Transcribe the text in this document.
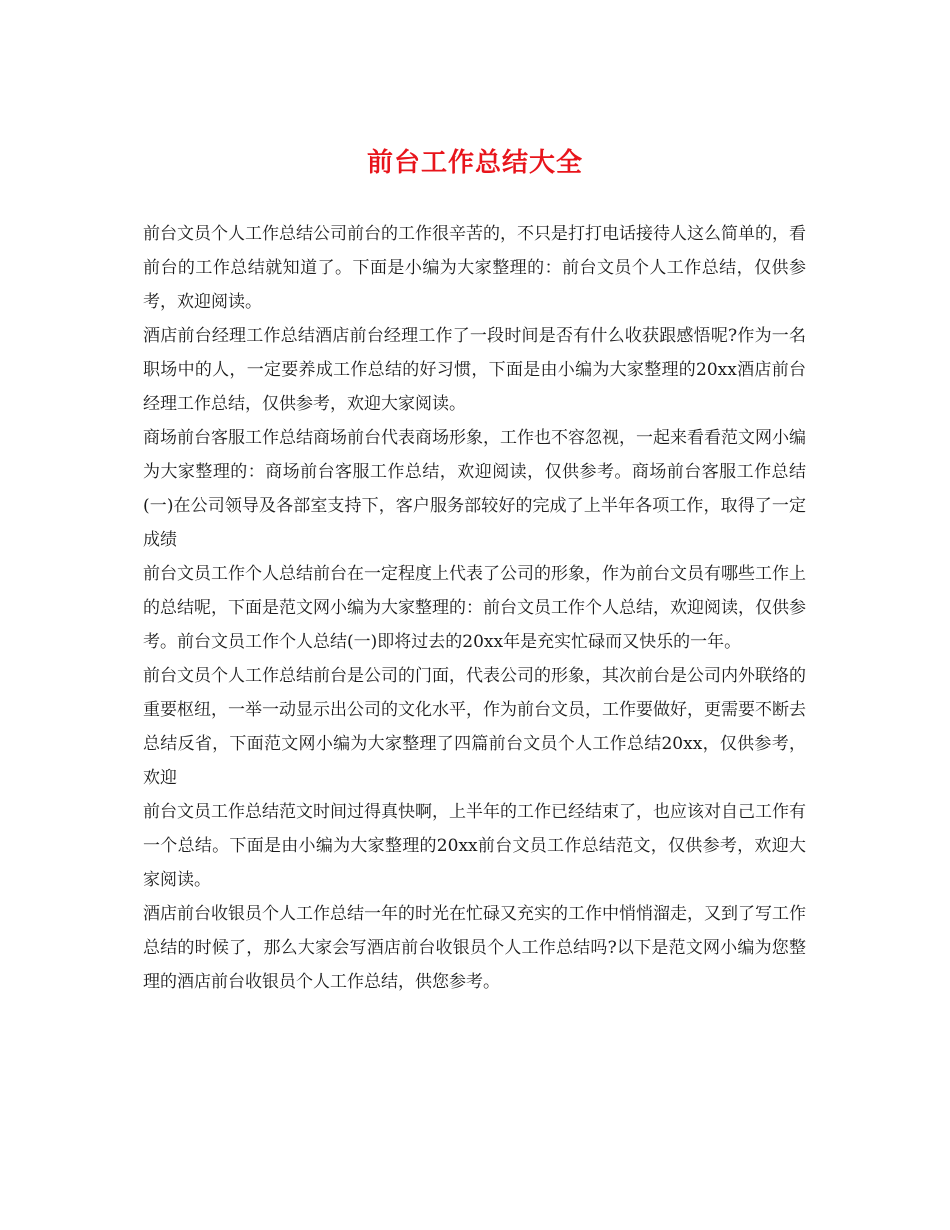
前台工作总结大全

前台文员个人工作总结公司前台的工作很辛苦的，不只是打打电话接待人这么简单的，看前台的工作总结就知道了。下面是小编为大家整理的：前台文员个人工作总结，仅供参考，欢迎阅读。

酒店前台经理工作总结酒店前台经理工作了一段时间是否有什么收获跟感悟呢?作为一名职场中的人，一定要养成工作总结的好习惯，下面是由小编为大家整理的20xx酒店前台经理工作总结，仅供参考，欢迎大家阅读。

商场前台客服工作总结商场前台代表商场形象，工作也不容忽视，一起来看看范文网小编为大家整理的：商场前台客服工作总结，欢迎阅读，仅供参考。商场前台客服工作总结(一)在公司领导及各部室支持下，客户服务部较好的完成了上半年各项工作，取得了一定成绩

前台文员工作个人总结前台在一定程度上代表了公司的形象，作为前台文员有哪些工作上的总结呢，下面是范文网小编为大家整理的：前台文员工作个人总结，欢迎阅读，仅供参考。前台文员工作个人总结(一)即将过去的20xx年是充实忙碌而又快乐的一年。

前台文员个人工作总结前台是公司的门面，代表公司的形象，其次前台是公司内外联络的重要枢纽，一举一动显示出公司的文化水平，作为前台文员，工作要做好，更需要不断去总结反省，下面范文网小编为大家整理了四篇前台文员个人工作总结20xx，仅供参考，欢迎

前台文员工作总结范文时间过得真快啊，上半年的工作已经结束了，也应该对自己工作有一个总结。下面是由小编为大家整理的20xx前台文员工作总结范文，仅供参考，欢迎大家阅读。

酒店前台收银员个人工作总结一年的时光在忙碌又充实的工作中悄悄溜走，又到了写工作总结的时候了，那么大家会写酒店前台收银员个人工作总结吗?以下是范文网小编为您整理的酒店前台收银员个人工作总结，供您参考。
